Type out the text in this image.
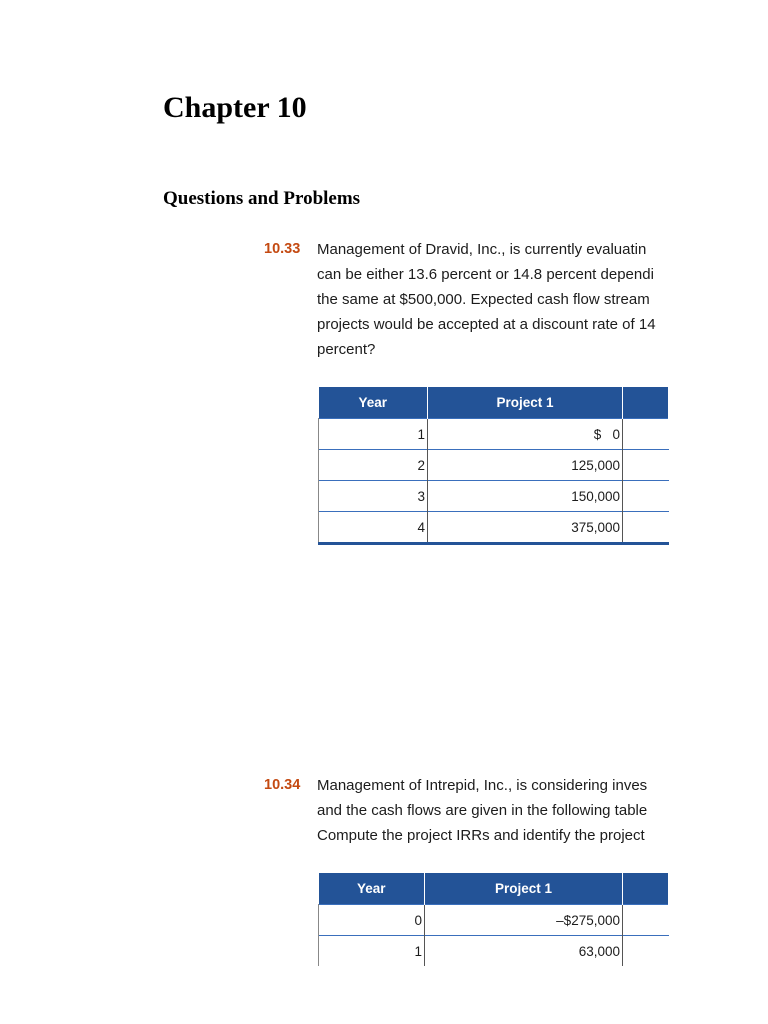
Chapter 10
Questions and Problems
10.33 Management of Dravid, Inc., is currently evaluatin
can be either 13.6 percent or 14.8 percent dependi
the same at $500,000. Expected cash flow stream
projects would be accepted at a discount rate of 14
percent?
Year	Project 1	
1	$   0	
2	125,000	
3	150,000	
4	375,000	
10.34 Management of Intrepid, Inc., is considering inves
and the cash flows are given in the following table
Compute the project IRRs and identify the project
Year	Project 1	
0	–$275,000	
1	63,000	
